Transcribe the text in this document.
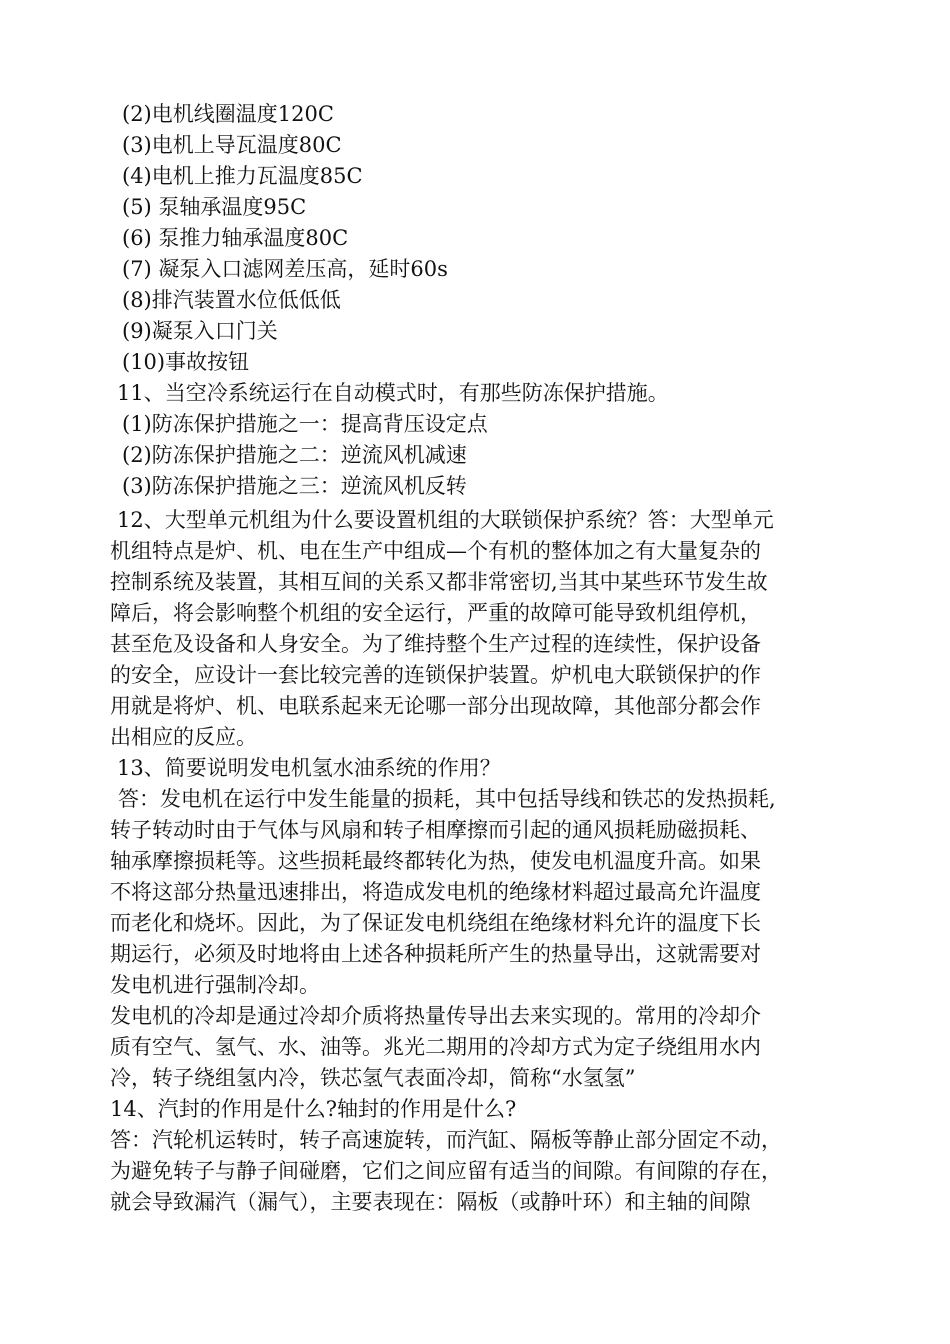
(2)电机线圈温度120C
(3)电机上导瓦温度80C
(4)电机上推力瓦温度85C
(5) 泵轴承温度95C
(6) 泵推力轴承温度80C
(7) 凝泵入口滤网差压高，延时60s
(8)排汽装置水位低低低
(9)凝泵入口门关
(10)事故按钮
11、当空冷系统运行在自动模式时，有那些防冻保护措施。
(1)防冻保护措施之一：提高背压设定点
(2)防冻保护措施之二：逆流风机减速
(3)防冻保护措施之三：逆流风机反转
12、大型单元机组为什么要设置机组的大联锁保护系统？答：大型单元
机组特点是炉、机、电在生产中组成—个有机的整体加之有大量复杂的
控制系统及装置，其相互间的关系又都非常密切,当其中某些环节发生故
障后，将会影响整个机组的安全运行，严重的故障可能导致机组停机，
甚至危及设备和人身安全。为了维持整个生产过程的连续性，保护设备
的安全，应设计一套比较完善的连锁保护装置。炉机电大联锁保护的作
用就是将炉、机、电联系起来无论哪一部分出现故障，其他部分都会作
出相应的反应。
13、简要说明发电机氢水油系统的作用？
答：发电机在运行中发生能量的损耗，其中包括导线和铁芯的发热损耗,
转子转动时由于气体与风扇和转子相摩擦而引起的通风损耗励磁损耗、
轴承摩擦损耗等。这些损耗最终都转化为热，使发电机温度升高。如果
不将这部分热量迅速排出，将造成发电机的绝缘材料超过最高允许温度
而老化和烧坏。因此，为了保证发电机绕组在绝缘材料允许的温度下长
期运行，必须及时地将由上述各种损耗所产生的热量导出，这就需要对
发电机进行强制冷却。
发电机的冷却是通过冷却介质将热量传导出去来实现的。常用的冷却介
质有空气、氢气、水、油等。兆光二期用的冷却方式为定子绕组用水内
冷，转子绕组氢内冷，铁芯氢气表面冷却，简称“水氢氢”
14、汽封的作用是什么?轴封的作用是什么?
答：汽轮机运转时，转子高速旋转，而汽缸、隔板等静止部分固定不动，
为避免转子与静子间碰磨，它们之间应留有适当的间隙。有间隙的存在，
就会导致漏汽（漏气），主要表现在：隔板（或静叶环）和主轴的间隙
